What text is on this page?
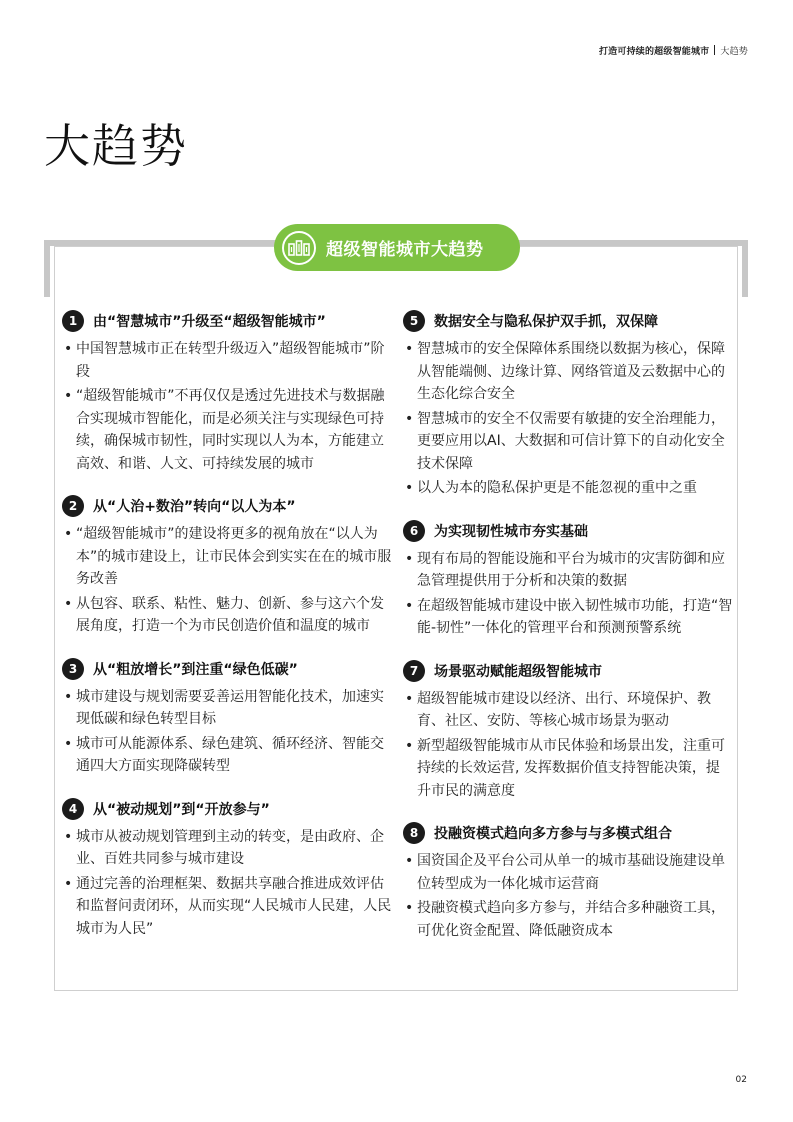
打造可持续的超级智能城市 大趋势
大趋势
超级智能城市大趋势
1	由“智慧城市”升级至“超级智能城市”
• 中国智慧城市正在转型升级迈入”超级智能城市”阶段
• “超级智能城市”不再仅仅是透过先进技术与数据融合实现城市智能化，而是必须关注与实现绿色可持续，确保城市韧性，同时实现以人为本，方能建立高效、和谐、人文、可持续发展的城市
2	从“人治+数治”转向“以人为本”
• “超级智能城市”的建设将更多的视角放在“以人为本”的城市建设上，让市民体会到实实在在的城市服务改善
• 从包容、联系、粘性、魅力、创新、参与这六个发展角度，打造一个为市民创造价值和温度的城市
3	从“粗放增长”到注重“绿色低碳”
• 城市建设与规划需要妥善运用智能化技术，加速实现低碳和绿色转型目标
• 城市可从能源体系、绿色建筑、循环经济、智能交通四大方面实现降碳转型
4	从“被动规划”到“开放参与”
• 城市从被动规划管理到主动的转变，是由政府、企业、百姓共同参与城市建设
• 通过完善的治理框架、数据共享融合推进成效评估和监督问责闭环，从而实现“人民城市人民建，人民城市为人民”
5	数据安全与隐私保护双手抓，双保障
• 智慧城市的安全保障体系围绕以数据为核心，保障从智能端侧、边缘计算、网络管道及云数据中心的生态化综合安全
• 智慧城市的安全不仅需要有敏捷的安全治理能力，更要应用以AI、大数据和可信计算下的自动化安全技术保障
• 以人为本的隐私保护更是不能忽视的重中之重
6	为实现韧性城市夯实基础
• 现有布局的智能设施和平台为城市的灾害防御和应急管理提供用于分析和决策的数据
• 在超级智能城市建设中嵌入韧性城市功能，打造“智能-韧性”一体化的管理平台和预测预警系统
7	场景驱动赋能超级智能城市
• 超级智能城市建设以经济、出行、环境保护、教育、社区、安防、等核心城市场景为驱动
• 新型超级智能城市从市民体验和场景出发，注重可持续的长效运营, 发挥数据价值支持智能决策，提升市民的满意度
8	投融资模式趋向多方参与与多模式组合
• 国资国企及平台公司从单一的城市基础设施建设单位转型成为一体化城市运营商
• 投融资模式趋向多方参与，并结合多种融资工具，可优化资金配置、降低融资成本
02
